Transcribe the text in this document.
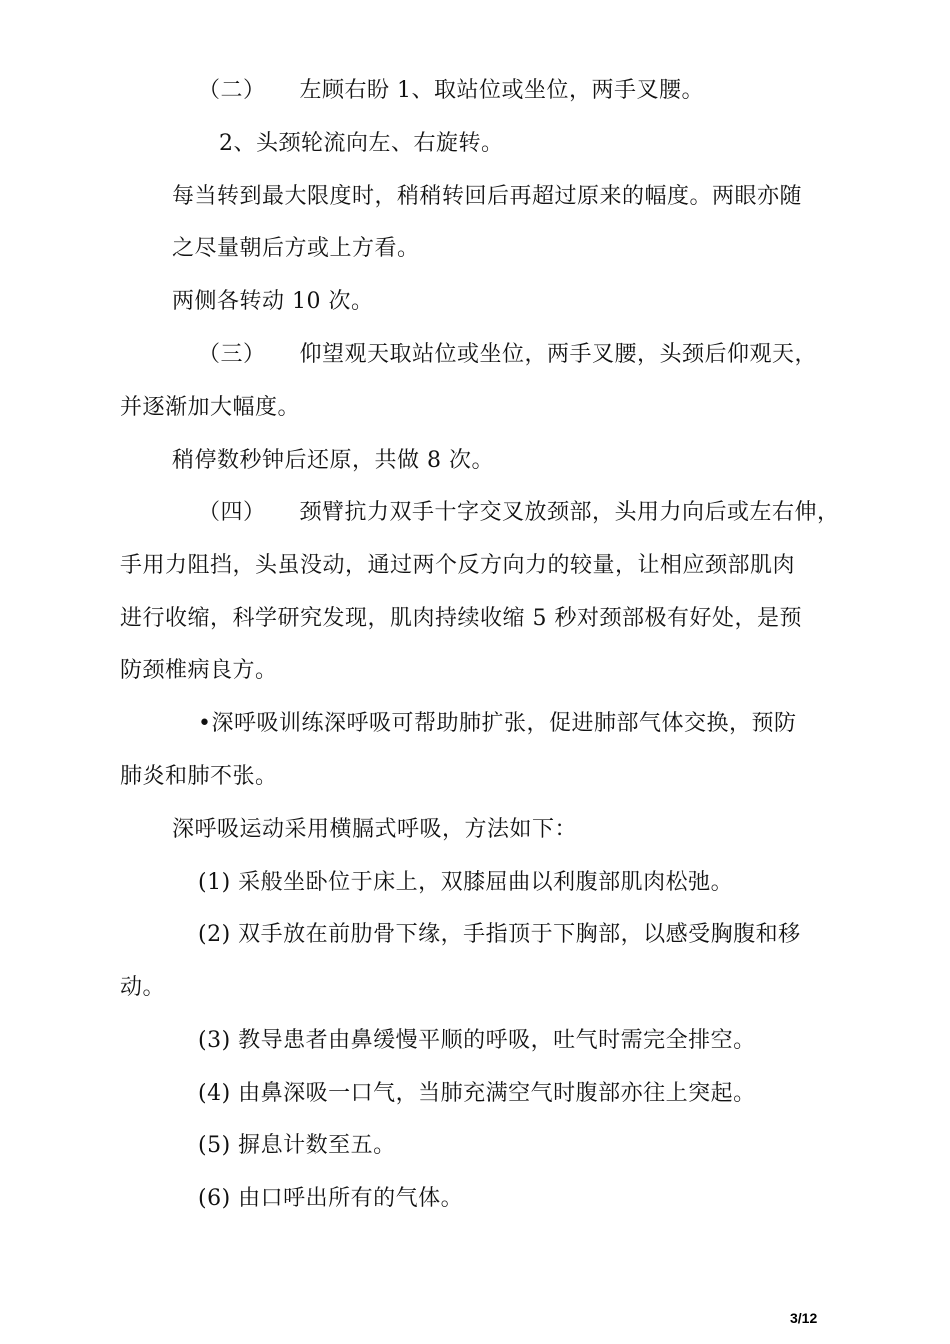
（二） 左顾右盼 1、取站位或坐位，两手叉腰。
2、头颈轮流向左、右旋转。
每当转到最大限度时，稍稍转回后再超过原来的幅度。两眼亦随
之尽量朝后方或上方看。
两侧各转动 10 次。
（三） 仰望观天取站位或坐位，两手叉腰，头颈后仰观天，
并逐渐加大幅度。
稍停数秒钟后还原，共做 8 次。
（四） 颈臂抗力双手十字交叉放颈部，头用力向后或左右伸，
手用力阻挡，头虽没动，通过两个反方向力的较量，让相应颈部肌肉
进行收缩，科学研究发现，肌肉持续收缩 5 秒对颈部极有好处，是预
防颈椎病良方。
•深呼吸训练深呼吸可帮助肺扩张，促进肺部气体交换，预防
肺炎和肺不张。
深呼吸运动采用横膈式呼吸，方法如下：
(1) 采般坐卧位于床上，双膝屈曲以利腹部肌肉松弛。
(2) 双手放在前肋骨下缘，手指顶于下胸部，以感受胸腹和移
动。
(3) 教导患者由鼻缓慢平顺的呼吸，吐气时需完全排空。
(4) 由鼻深吸一口气，当肺充满空气时腹部亦往上突起。
(5) 摒息计数至五。
(6) 由口呼出所有的气体。
3/12
